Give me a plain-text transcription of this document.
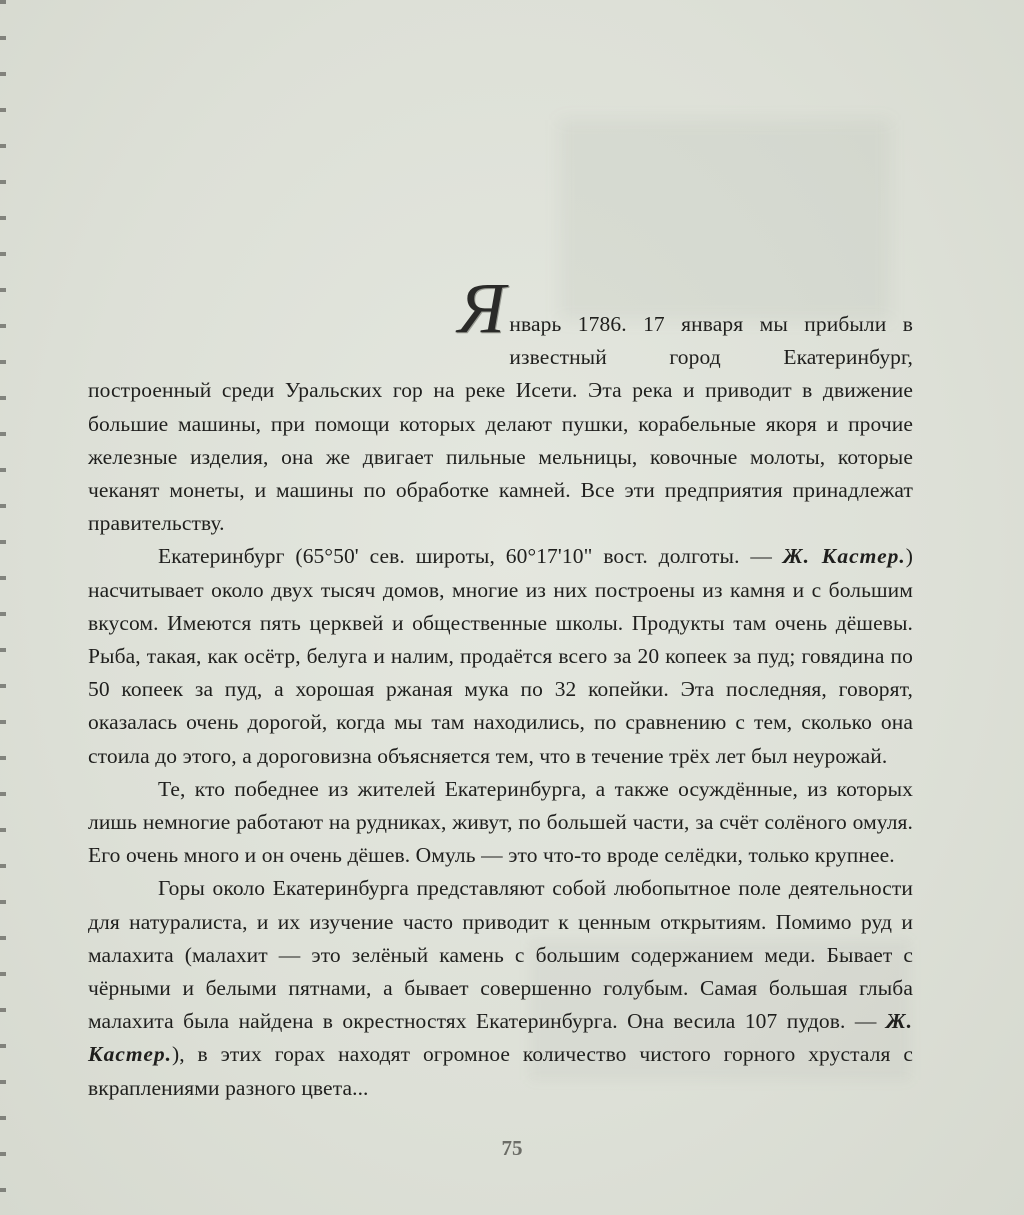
Я нварь 1786. 17 января мы прибыли в известный город Екатеринбург, построенный среди Уральских гор на реке Исети. Эта река и приводит в движение большие машины, при помощи которых делают пушки, корабельные якоря и прочие железные изделия, она же двигает пильные мельницы, ковочные молоты, которые чеканят монеты, и машины по обработке камней. Все эти предприятия принадлежат правительству.

Екатеринбург (65°50' сев. широты, 60°17'10" вост. долготы. — Ж. Кастер.) насчитывает около двух тысяч домов, многие из них построены из камня и с большим вкусом. Имеются пять церквей и общественные школы. Продукты там очень дёшевы. Рыба, такая, как осётр, белуга и налим, продаётся всего за 20 копеек за пуд; говядина по 50 копеек за пуд, а хорошая ржаная мука по 32 копейки. Эта последняя, говорят, оказалась очень дорогой, когда мы там находились, по сравнению с тем, сколько она стоила до этого, а дороговизна объясняется тем, что в течение трёх лет был неурожай.

Те, кто победнее из жителей Екатеринбурга, а также осуждённые, из которых лишь немногие работают на рудниках, живут, по большей части, за счёт солёного омуля. Его очень много и он очень дёшев. Омуль — это что-то вроде селёдки, только крупнее.

Горы около Екатеринбурга представляют собой любопытное поле деятельности для натуралиста, и их изучение часто приводит к ценным открытиям. Помимо руд и малахита (малахит — это зелёный камень с большим содержанием меди. Бывает с чёрными и белыми пятнами, а бывает совершенно голубым. Самая большая глыба малахита была найдена в окрестностях Екатеринбурга. Она весила 107 пудов. — Ж. Кастер.), в этих горах находят огромное количество чистого горного хрусталя с вкраплениями разного цвета...

75
